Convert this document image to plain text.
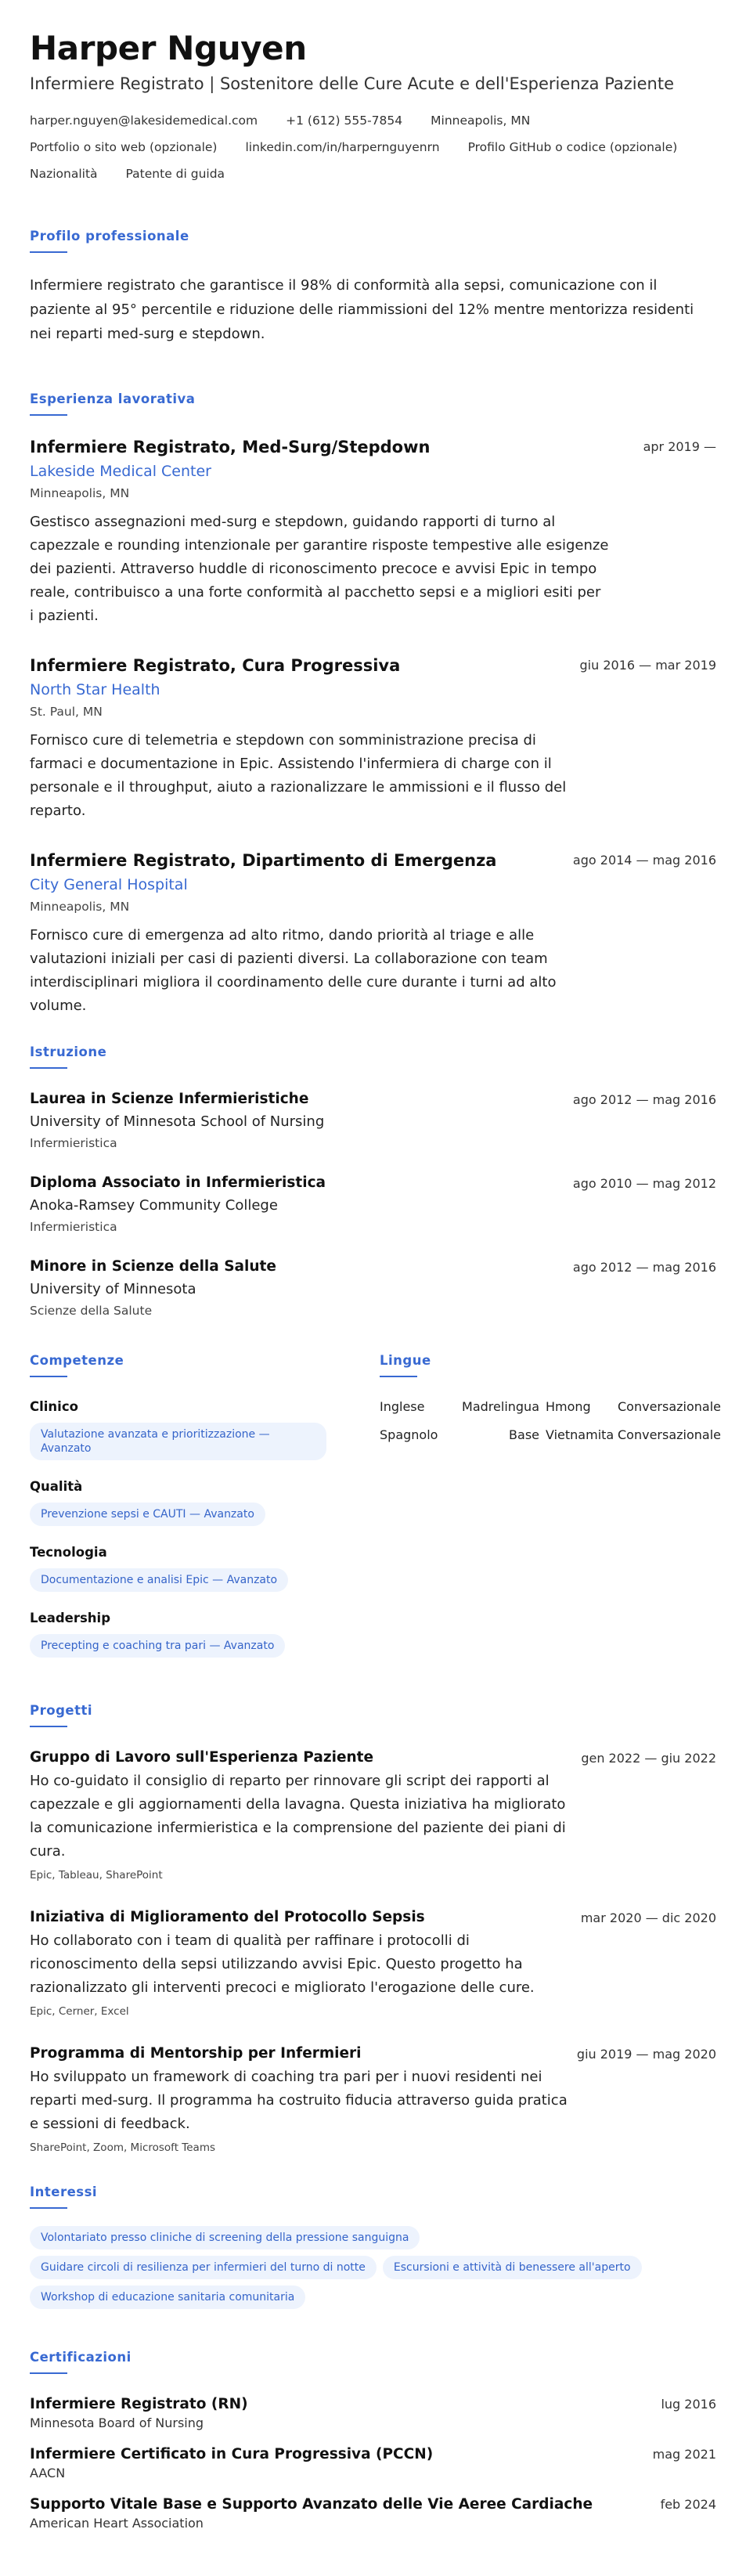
Harper Nguyen
Infermiere Registrato | Sostenitore delle Cure Acute e dell'Esperienza Paziente
harper.nguyen@lakesidemedical.com +1 (612) 555-7854 Minneapolis, MN
Portfolio o sito web (opzionale) linkedin.com/in/harpernguyenrn Profilo GitHub o codice (opzionale)
Nazionalità Patente di guida
Profilo professionale

Infermiere registrato che garantisce il 98% di conformità alla sepsi, comunicazione con il paziente al 95° percentile e riduzione delle riammissioni del 12% mentre mentorizza residenti nei reparti med-surg e stepdown.

Esperienza lavorativa
Infermiere Registrato, Med-Surg/Stepdown
Lakeside Medical Center
Minneapolis, MN
Gestisco assegnazioni med-surg e stepdown, guidando rapporti di turno al capezzale e rounding intenzionale per garantire risposte tempestive alle esigenze dei pazienti. Attraverso huddle di riconoscimento precoce e avvisi Epic in tempo reale, contribuisco a una forte conformità al pacchetto sepsi e a migliori esiti per i pazienti.
apr 2019 —
Infermiere Registrato, Cura Progressiva
North Star Health
St. Paul, MN
Fornisco cure di telemetria e stepdown con somministrazione precisa di farmaci e documentazione in Epic. Assistendo l'infermiera di charge con il personale e il throughput, aiuto a razionalizzare le ammissioni e il flusso del reparto.
giu 2016 — mar 2019
Infermiere Registrato, Dipartimento di Emergenza
City General Hospital
Minneapolis, MN
Fornisco cure di emergenza ad alto ritmo, dando priorità al triage e alle valutazioni iniziali per casi di pazienti diversi. La collaborazione con team interdisciplinari migliora il coordinamento delle cure durante i turni ad alto volume.
ago 2014 — mag 2016
Istruzione
Laurea in Scienze Infermieristiche
University of Minnesota School of Nursing
Infermieristica
ago 2012 — mag 2016
Diploma Associato in Infermieristica
Anoka-Ramsey Community College
Infermieristica
ago 2010 — mag 2012
Minore in Scienze della Salute
University of Minnesota
Scienze della Salute
ago 2012 — mag 2016
Competenze
Clinico
Valutazione avanzata e prioritizzazione — Avanzato
Qualità
Prevenzione sepsi e CAUTI — Avanzato
Tecnologia
Documentazione e analisi Epic — Avanzato
Leadership
Precepting e coaching tra pari — Avanzato
Lingue
Inglese	Madrelingua Hmong	Conversazionale
Spagnolo	Base Vietnamita Conversazionale
Progetti
Gruppo di Lavoro sull'Esperienza Paziente
Ho co-guidato il consiglio di reparto per rinnovare gli script dei rapporti al capezzale e gli aggiornamenti della lavagna. Questa iniziativa ha migliorato la comunicazione infermieristica e la comprensione del paziente dei piani di cura.
Epic, Tableau, SharePoint
gen 2022 — giu 2022
Iniziativa di Miglioramento del Protocollo Sepsis
Ho collaborato con i team di qualità per raffinare i protocolli di riconoscimento della sepsi utilizzando avvisi Epic. Questo progetto ha razionalizzato gli interventi precoci e migliorato l'erogazione delle cure.
Epic, Cerner, Excel
mar 2020 — dic 2020
Programma di Mentorship per Infermieri
Ho sviluppato un framework di coaching tra pari per i nuovi residenti nei reparti med-surg. Il programma ha costruito fiducia attraverso guida pratica e sessioni di feedback.
SharePoint, Zoom, Microsoft Teams
giu 2019 — mag 2020
Interessi
Volontariato presso cliniche di screening della pressione sanguigna
Guidare circoli di resilienza per infermieri del turno di notte	Escursioni e attività di benessere all'aperto
Workshop di educazione sanitaria comunitaria
Certificazioni
Infermiere Registrato (RN)
Minnesota Board of Nursing
lug 2016
Infermiere Certificato in Cura Progressiva (PCCN)
AACN
mag 2021
Supporto Vitale Base e Supporto Avanzato delle Vie Aeree Cardiache
American Heart Association
feb 2024
